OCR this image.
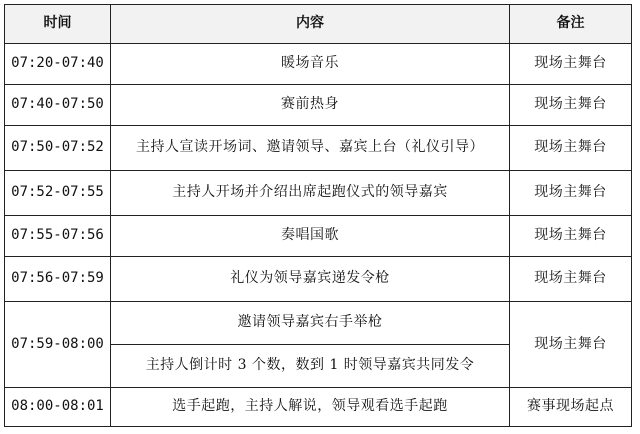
时间	内容	备注
07:20-07:40	暖场音乐	现场主舞台
07:40-07:50	赛前热身	现场主舞台
07:50-07:52	主持人宣读开场词、邀请领导、嘉宾上台（礼仪引导）	现场主舞台
07:52-07:55	主持人开场并介绍出席起跑仪式的领导嘉宾	现场主舞台
07:55-07:56	奏唱国歌	现场主舞台
07:56-07:59	礼仪为领导嘉宾递发令枪	现场主舞台
07:59-08:00	邀请领导嘉宾右手举枪	现场主舞台
	主持人倒计时 3 个数，数到 1 时领导嘉宾共同发令	
08:00-08:01	选手起跑，主持人解说，领导观看选手起跑	赛事现场起点
